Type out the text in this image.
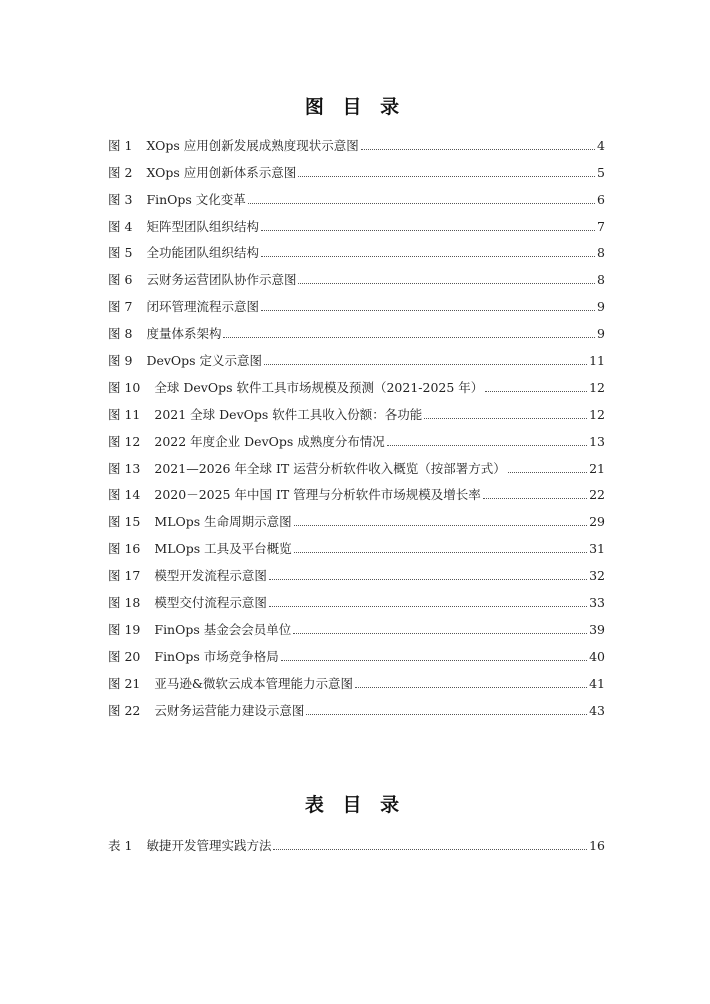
图 目 录
图 1 XOps 应用创新发展成熟度现状示意图	4
图 2 XOps 应用创新体系示意图	5
图 3 FinOps 文化变革	6
图 4 矩阵型团队组织结构	7
图 5 全功能团队组织结构	8
图 6 云财务运营团队协作示意图	8
图 7 闭环管理流程示意图	9
图 8 度量体系架构	9
图 9 DevOps 定义示意图	11
图 10 全球 DevOps 软件工具市场规模及预测（2021-2025 年）	12
图 11 2021 全球 DevOps 软件工具收入份额：各功能	12
图 12 2022 年度企业 DevOps 成熟度分布情况	13
图 13 2021—2026 年全球 IT 运营分析软件收入概览（按部署方式）	21
图 14 2020－2025 年中国 IT 管理与分析软件市场规模及增长率	22
图 15 MLOps 生命周期示意图	29
图 16 MLOps 工具及平台概览	31
图 17 模型开发流程示意图	32
图 18 模型交付流程示意图	33
图 19 FinOps 基金会会员单位	39
图 20 FinOps 市场竞争格局	40
图 21 亚马逊&微软云成本管理能力示意图	41
图 22 云财务运营能力建设示意图	43
表 目 录
表 1 敏捷开发管理实践方法	16
